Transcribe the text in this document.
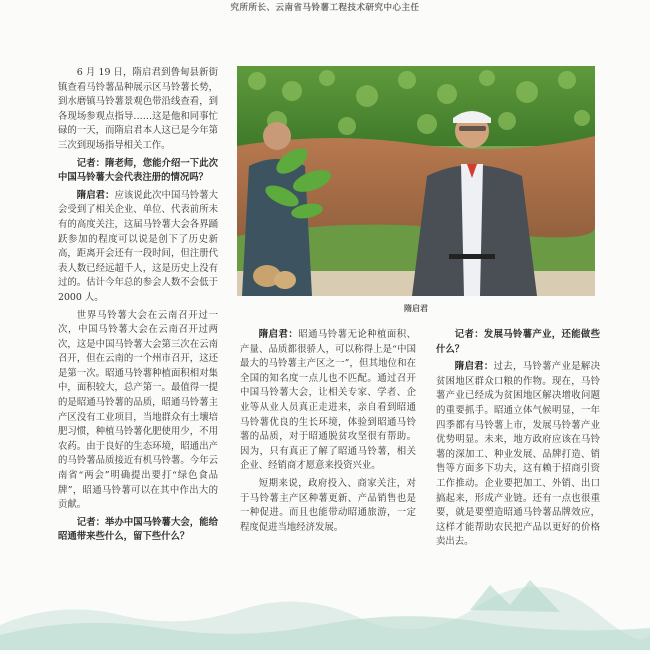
究所所长、云南省马铃薯工程技术研究中心主任

6 月 19 日，隋启君到鲁甸县新街镇查看马铃薯品种展示区马铃薯长势，到水磨镇马铃薯景观色带沿线查看，到各现场参观点指导……这是他和同事忙碌的一天，而隋启君本人这已是今年第三次到现场指导相关工作。

记者：隋老师，您能介绍一下此次中国马铃薯大会代表注册的情况吗？

隋启君：应该说此次中国马铃薯大会受到了相关企业、单位、代表前所未有的高度关注，这届马铃薯大会各界踊跃参加的程度可以说是创下了历史新高，距离开会还有一段时间，但注册代表人数已经远超千人，这是历史上没有过的。估计今年总的参会人数不会低于 2000 人。

世界马铃薯大会在云南召开过一次，中国马铃薯大会在云南召开过两次，这是中国马铃薯大会第三次在云南召开，但在云南的一个州市召开，这还是第一次。昭通马铃薯种植面积相对集中，面积较大，总产第一。最值得一提的是昭通马铃薯的品质，昭通马铃薯主产区没有工业项目，当地群众有土壤培肥习惯，种植马铃薯化肥使用少，不用农药。由于良好的生态环境，昭通出产的马铃薯品质接近有机马铃薯。今年云南省“两会”明确提出要打“绿色食品牌”，昭通马铃薯可以在其中作出大的贡献。

记者：举办中国马铃薯大会，能给昭通带来些什么，留下些什么？

隋启君

隋启君：昭通马铃薯无论种植面积、产量、品质都很骄人，可以称得上是“中国最大的马铃薯主产区之一”，但其地位和在全国的知名度一点儿也不匹配。通过召开中国马铃薯大会，让相关专家、学者、企业等从业人员真正走进来，亲自看到昭通马铃薯优良的生长环境，体验到昭通马铃薯的品质，对于昭通脱贫攻坚很有帮助。因为，只有真正了解了昭通马铃薯，相关企业、经销商才愿意来投资兴业。

短期来说，政府投入、商家关注，对于马铃薯主产区种薯更新、产品销售也是一种促进。而且也能带动昭通旅游，一定程度促进当地经济发展。

记者：发展马铃薯产业，还能做些什么？

隋启君：过去，马铃薯产业是解决贫困地区群众口粮的作物。现在，马铃薯产业已经成为贫困地区解决增收问题的重要抓手。昭通立体气候明显，一年四季都有马铃薯上市，发展马铃薯产业优势明显。未来，地方政府应该在马铃薯的深加工、种业发展、品牌打造、销售等方面多下功夫，这有赖于招商引资工作推动。企业要把加工、外销、出口搞起来，形成产业链。还有一点也很重要，就是要塑造昭通马铃薯品牌效应，这样才能帮助农民把产品以更好的价格卖出去。
